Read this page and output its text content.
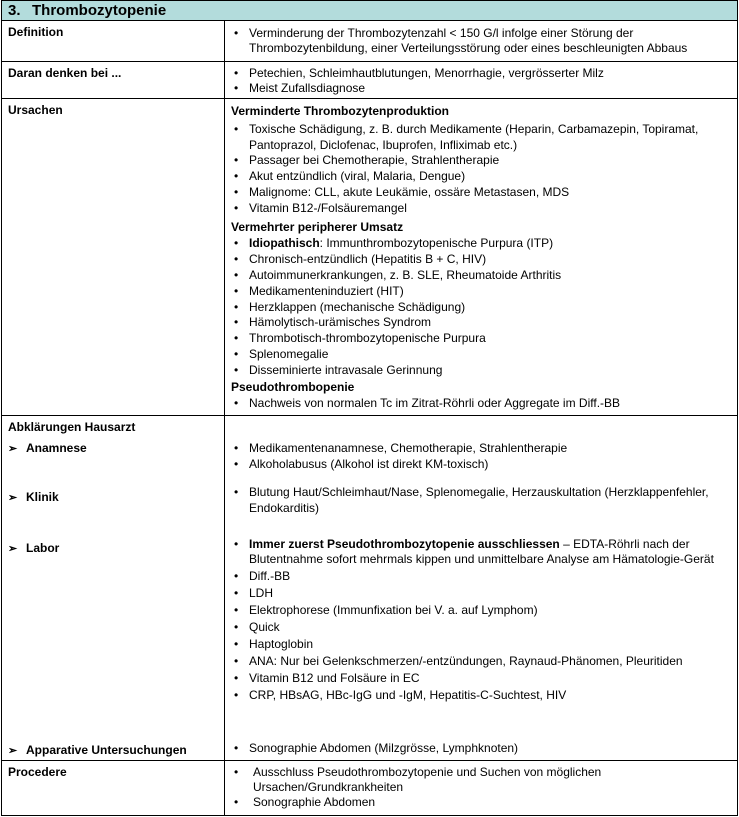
3. Thrombozytopenie
Definition	• Verminderung der Thrombozytenzahl < 150 G/l infolge einer Störung der Thrombozytenbildung, einer Verteilungsstörung oder eines beschleunigten Abbaus
Daran denken bei ...	• Petechien, Schleimhautblutungen, Menorrhagie, vergrösserter Milz
• Meist Zufallsdiagnose
Ursachen	Verminderte Thrombozytenproduktion
• Toxische Schädigung, z. B. durch Medikamente (Heparin, Carbamazepin, Topiramat, Pantoprazol, Diclofenac, Ibuprofen, Infliximab etc.)
• Passager bei Chemotherapie, Strahlentherapie
• Akut entzündlich (viral, Malaria, Dengue)
• Malignome: CLL, akute Leukämie, ossäre Metastasen, MDS
• Vitamin B12-/Folsäuremangel
Vermehrter peripherer Umsatz
• Idiopathisch: Immunthrombozytopenische Purpura (ITP)
• Chronisch-entzündlich (Hepatitis B + C, HIV)
• Autoimmunerkrankungen, z. B. SLE, Rheumatoide Arthritis
• Medikamenteninduziert (HIT)
• Herzklappen (mechanische Schädigung)
• Hämolytisch-urämisches Syndrom
• Thrombotisch-thrombozytopenische Purpura
• Splenomegalie
• Disseminierte intravasale Gerinnung
Pseudothrombopenie
• Nachweis von normalen Tc im Zitrat-Röhrli oder Aggregate im Diff.-BB
Abklärungen Hausarzt
➢ Anamnese	• Medikamentenanamnese, Chemotherapie, Strahlentherapie
• Alkoholabusus (Alkohol ist direkt KM-toxisch)
➢ Klinik	• Blutung Haut/Schleimhaut/Nase, Splenomegalie, Herzauskultation (Herzklappenfehler, Endokarditis)
➢ Labor	• Immer zuerst Pseudothrombozytopenie ausschliessen – EDTA-Röhrli nach der Blutentnahme sofort mehrmals kippen und unmittelbare Analyse am Hämatologie-Gerät
• Diff.-BB
• LDH
• Elektrophorese (Immunfixation bei V. a. auf Lymphom)
• Quick
• Haptoglobin
• ANA: Nur bei Gelenkschmerzen/-entzündungen, Raynaud-Phänomen, Pleuritiden
• Vitamin B12 und Folsäure in EC
• CRP, HBsAG, HBc-IgG und -IgM, Hepatitis-C-Suchtest, HIV
➢ Apparative Untersuchungen	• Sonographie Abdomen (Milzgrösse, Lymphknoten)
Procedere	• Ausschluss Pseudothrombozytopenie und Suchen von möglichen Ursachen/Grundkrankheiten
• Sonographie Abdomen
